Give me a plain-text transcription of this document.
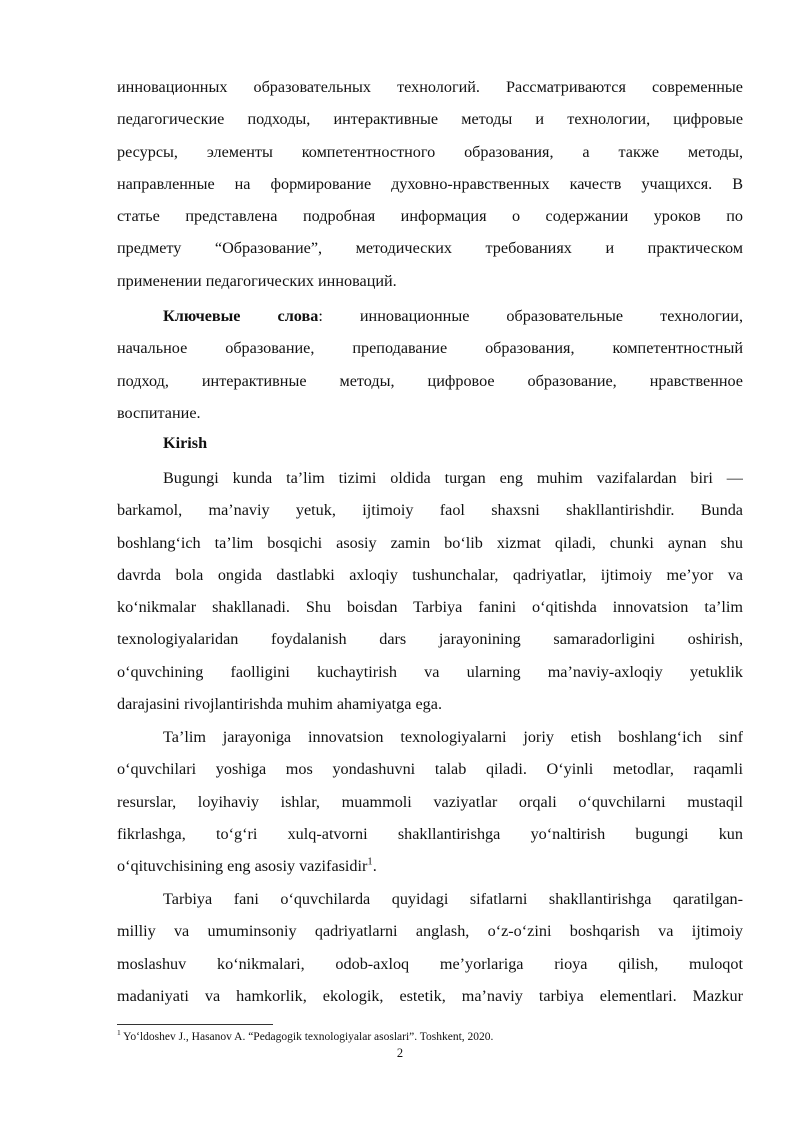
инновационных образовательных технологий. Рассматриваются современные
педагогические подходы, интерактивные методы и технологии, цифровые
ресурсы, элементы компетентностного образования, а также методы,
направленные на формирование духовно-нравственных качеств учащихся. В
статье представлена подробная информация о содержании уроков по
предмету “Образование”, методических требованиях и практическом
применении педагогических инноваций.
Ключевые слова: инновационные образовательные технологии,
начальное образование, преподавание образования, компетентностный
подход, интерактивные методы, цифровое образование, нравственное
воспитание.
Kirish
Bugungi kunda ta’lim tizimi oldida turgan eng muhim vazifalardan biri —
barkamol, ma’naviy yetuk, ijtimoiy faol shaxsni shakllantirishdir. Bunda
boshlang‘ich ta’lim bosqichi asosiy zamin bo‘lib xizmat qiladi, chunki aynan shu
davrda bola ongida dastlabki axloqiy tushunchalar, qadriyatlar, ijtimoiy me’yor va
ko‘nikmalar shakllanadi. Shu boisdan Tarbiya fanini o‘qitishda innovatsion ta’lim
texnologiyalaridan foydalanish dars jarayonining samaradorligini oshirish,
o‘quvchining faolligini kuchaytirish va ularning ma’naviy-axloqiy yetuklik
darajasini rivojlantirishda muhim ahamiyatga ega.
Ta’lim jarayoniga innovatsion texnologiyalarni joriy etish boshlang‘ich sinf
o‘quvchilari yoshiga mos yondashuvni talab qiladi. O‘yinli metodlar, raqamli
resurslar, loyihaviy ishlar, muammoli vaziyatlar orqali o‘quvchilarni mustaqil
fikrlashga, to‘g‘ri xulq-atvorni shakllantirishga yo‘naltirish bugungi kun
o‘qituvchisining eng asosiy vazifasidir$^1$.
Tarbiya fani o‘quvchilarda quyidagi sifatlarni shakllantirishga qaratilgan-
milliy va umuminsoniy qadriyatlarni anglash, o‘z-o‘zini boshqarish va ijtimoiy
moslashuv ko‘nikmalari, odob-axloq me’yorlariga rioya qilish, muloqot
madaniyati va hamkorlik, ekologik, estetik, ma’naviy tarbiya elementlari. Mazkur
$^1$ Yo‘ldoshev J., Hasanov A. “Pedagogik texnologiyalar asoslari”. Toshkent, 2020.
2
